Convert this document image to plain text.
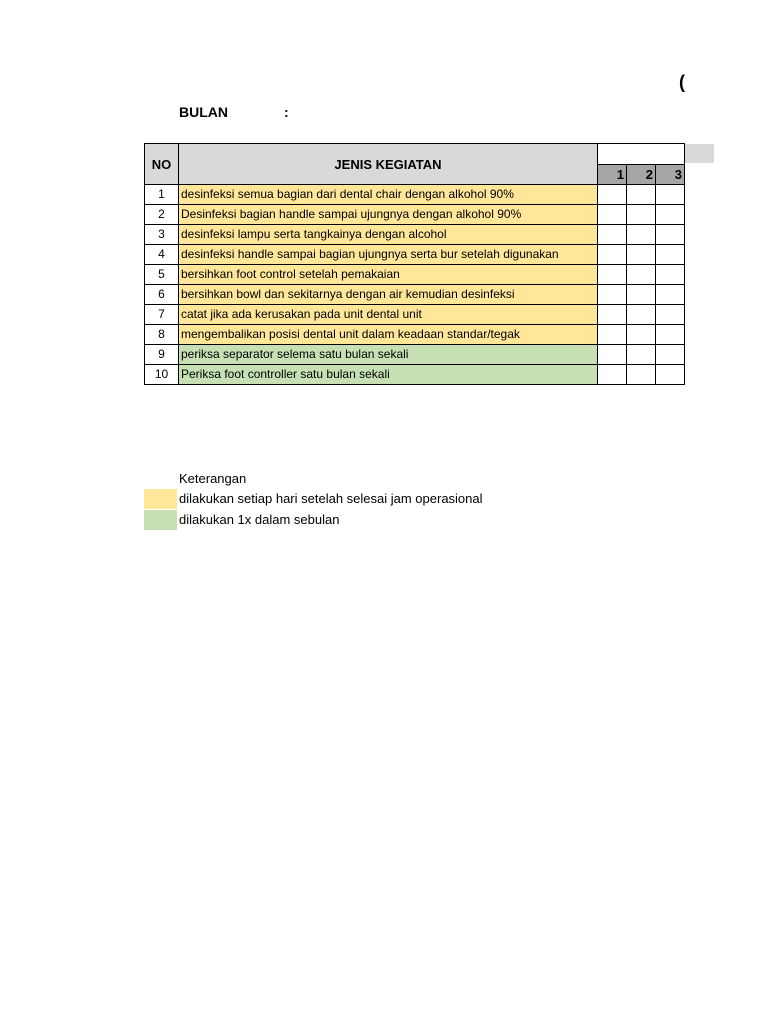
(
BULAN	:
NO	JENIS KEGIATAN			
		1	2	3
1	desinfeksi semua bagian dari dental chair dengan alkohol 90%			
2	Desinfeksi bagian handle sampai ujungnya dengan alkohol 90%			
3	desinfeksi lampu serta tangkainya dengan alcohol			
4	desinfeksi handle sampai bagian ujungnya serta bur setelah digunakan			
5	bersihkan foot control setelah pemakaian			
6	bersihkan bowl dan sekitarnya dengan air kemudian desinfeksi			
7	catat jika ada kerusakan pada unit dental unit			
8	mengembalikan posisi dental unit dalam keadaan standar/tegak			
9	periksa separator selema satu bulan sekali			
10	Periksa foot controller satu bulan sekali			
Keterangan
dilakukan setiap hari setelah selesai jam operasional
dilakukan 1x dalam sebulan
